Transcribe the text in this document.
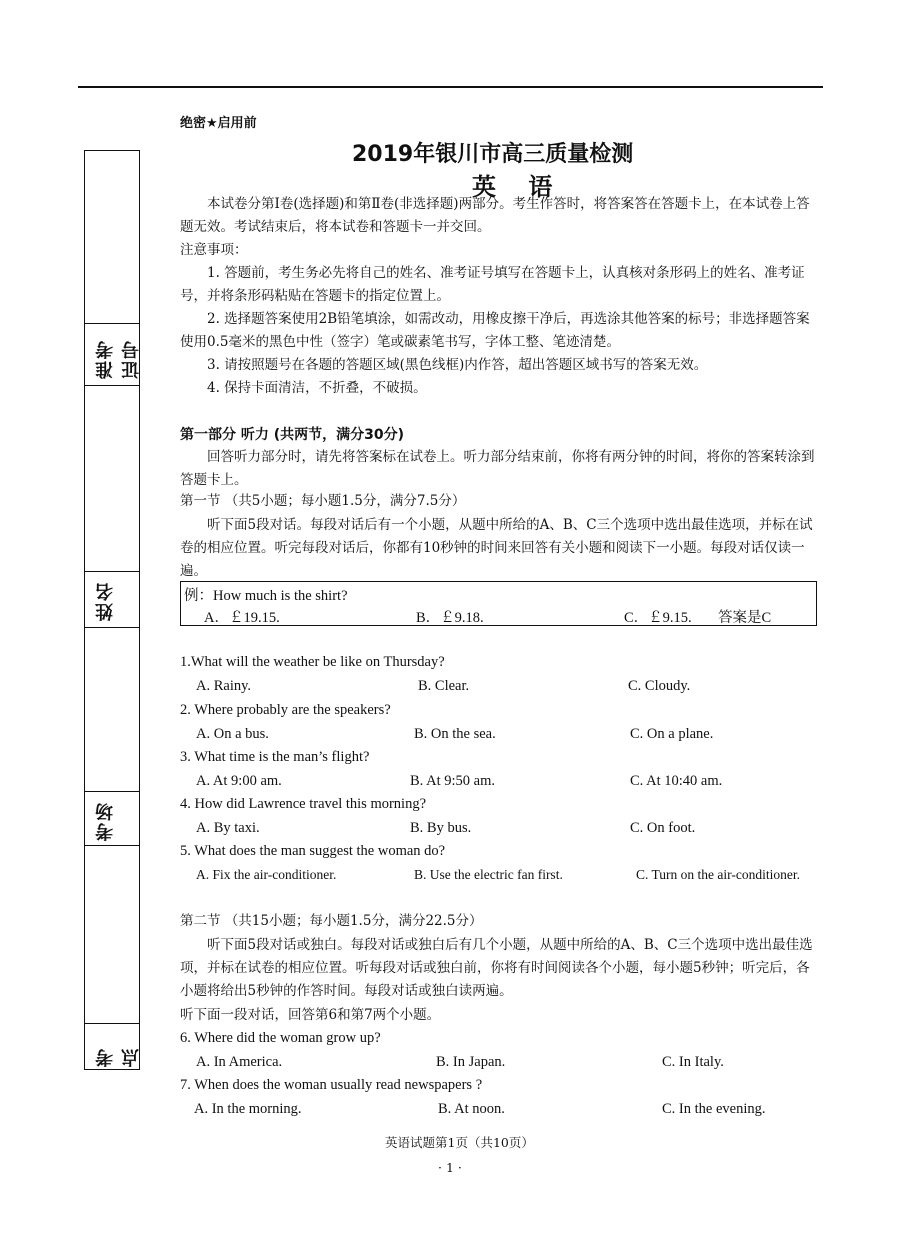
准考证号
姓名
考场
考点
绝密★启用前
2019年银川市高三质量检测
英 语
本试卷分第Ⅰ卷(选择题)和第Ⅱ卷(非选择题)两部分。考生作答时，将答案答在答题卡上，在本试卷上答题无效。考试结束后，将本试卷和答题卡一并交回。
注意事项：
1. 答题前，考生务必先将自己的姓名、准考证号填写在答题卡上，认真核对条形码上的姓名、准考证号，并将条形码粘贴在答题卡的指定位置上。
2. 选择题答案使用2B铅笔填涂，如需改动，用橡皮擦干净后，再选涂其他答案的标号；非选择题答案使用0.5毫米的黑色中性（签字）笔或碳素笔书写，字体工整、笔迹清楚。
3. 请按照题号在各题的答题区域(黑色线框)内作答，超出答题区域书写的答案无效。
4. 保持卡面清洁，不折叠，不破损。
第一部分 听力 (共两节，满分30分)
回答听力部分时，请先将答案标在试卷上。听力部分结束前，你将有两分钟的时间，将你的答案转涂到答题卡上。
第一节 （共5小题；每小题1.5分，满分7.5分）
听下面5段对话。每段对话后有一个小题，从题中所给的A、B、C三个选项中选出最佳选项，并标在试卷的相应位置。听完每段对话后，你都有10秒钟的时间来回答有关小题和阅读下一小题。每段对话仅读一遍。
例：How much is the shirt?
A．￡19.15.	B．￡9.18.	C．￡9.15. 答案是C
1.What will the weather be like on Thursday?
A. Rainy.	B. Clear.	C. Cloudy.
2. Where probably are the speakers?
A. On a bus.	B. On the sea.	C. On a plane.
3. What time is the man’s flight?
A. At 9:00 am.	B. At 9:50 am.	C. At 10:40 am.
4. How did Lawrence travel this morning?
A. By taxi.	B. By bus.	C. On foot.
5. What does the man suggest the woman do?
A. Fix the air-conditioner.	B. Use the electric fan first.	C. Turn on the air-conditioner.
第二节 （共15小题；每小题1.5分，满分22.5分）
听下面5段对话或独白。每段对话或独白后有几个小题，从题中所给的A、B、C三个选项中选出最佳选项，并标在试卷的相应位置。听每段对话或独白前，你将有时间阅读各个小题，每小题5秒钟；听完后，各小题将给出5秒钟的作答时间。每段对话或独白读两遍。
听下面一段对话，回答第6和第7两个小题。
6. Where did the woman grow up?
A. In America.	B. In Japan.	C. In Italy.
7. When does the woman usually read newspapers ?
A. In the morning.	B. At noon.	C. In the evening.
英语试题第1页（共10页）
· 1 ·
